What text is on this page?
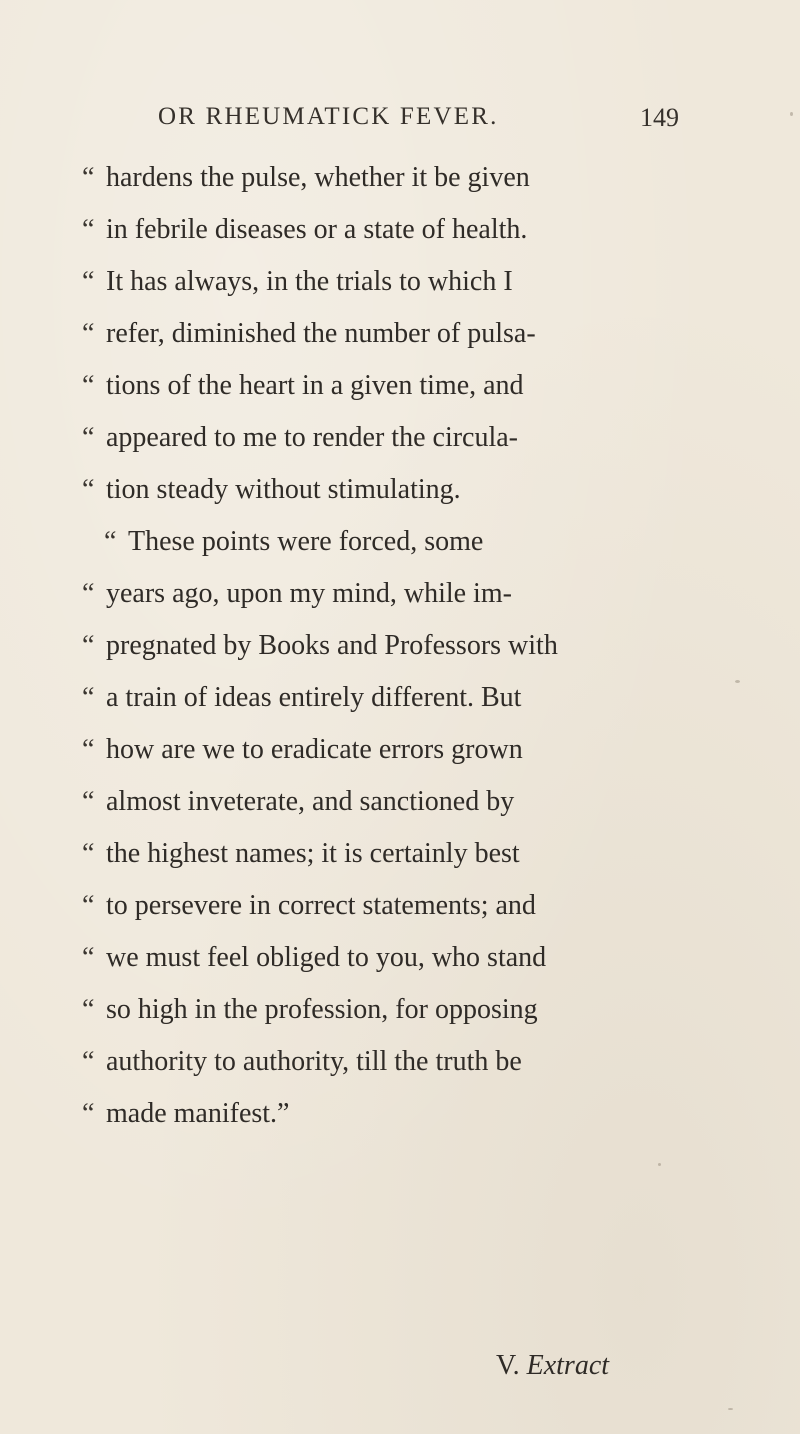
OR RHEUMATICK FEVER.	149
“ hardens the pulse, whether it be given
“ in febrile diseases or a state of health.
“ It has always, in the trials to which I
“ refer, diminished the number of pulsa-
“ tions of the heart in a given time, and
“ appeared to me to render the circula-
“ tion steady without stimulating.
“ These points were forced, some
“ years ago, upon my mind, while im-
“ pregnated by Books and Professors with
“ a train of ideas entirely different. But
“ how are we to eradicate errors grown
“ almost inveterate, and sanctioned by
“ the highest names; it is certainly best
“ to persevere in correct statements; and
“ we must feel obliged to you, who stand
“ so high in the profession, for opposing
“ authority to authority, till the truth be
“ made manifest.”
V. Extract
